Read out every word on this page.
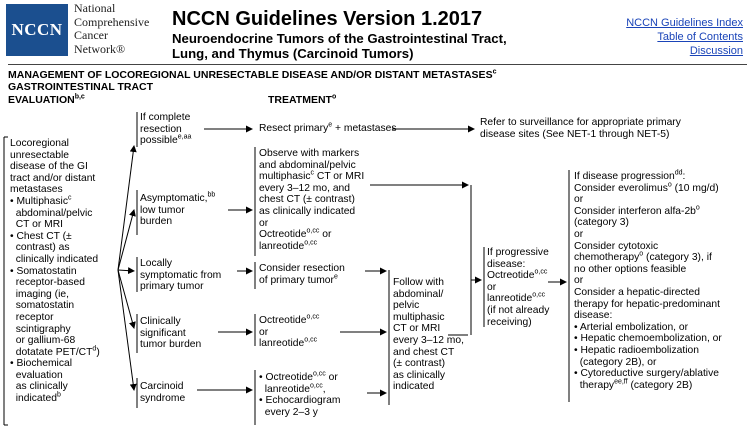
NCCN
National
Comprehensive
Cancer
Network®
NCCN Guidelines Version 1.2017
Neuroendocrine Tumors of the Gastrointestinal Tract,
Lung, and Thymus (Carcinoid Tumors)
NCCN Guidelines Index
Table of Contents
Discussion
MANAGEMENT OF LOCOREGIONAL UNRESECTABLE DISEASE AND/OR DISTANT METASTASES$^c$
GASTROINTESTINAL TRACT
EVALUATION$^{b,c}$	TREATMENT$^o$
Locoregional
unresectable
disease of the GI
tract and/or distant
metastases
• Multiphasic$^c$
abdominal/pelvic
CT or MRI
• Chest CT (±
contrast) as
clinically indicated
• Somatostatin
receptor-based
imaging (ie,
somatostatin
receptor
scintigraphy
or gallium-68
dotatate PET/$CT^d$)
• Biochemical
evaluation
as clinically
indicated$^b$
If complete
resection
possible$^{e,aa}$
Asymptomatic,$^{bb}$
low tumor
burden
Locally
symptomatic from
primary tumor
Clinically
significant
tumor burden
Carcinoid
syndrome
Resect primary$^e$ + metastases
Refer to surveillance for appropriate primary
disease sites (See NET-1 through NET-5)
Observe with markers
and abdominal/pelvic
multiphasic$^c$ CT or MRI
every 3–12 mo, and
chest CT (± contrast)
as clinically indicated
or
Octreotide$^{o,cc}$ or
lanreotide$^{o,cc}$
Consider resection
of primary tumor$^e$
Octreotide$^{o,cc}$
or
lanreotide$^{o,cc}$
• Octreotide$^{o,cc}$ or
lanreotide$^{o,cc}$,
• Echocardiogram
every 2–3 y
Follow with
abdominal/
pelvic
multiphasic
CT or MRI
every 3–12 mo,
and chest CT
(± contrast)
as clinically
indicated
If progressive
disease:
Octreotide$^{o,cc}$
or
lanreotide$^{o,cc}$
(if not already
receiving)
If disease progression$^{dd}$:
Consider everolimus$^o$ (10 mg/d)
or
Consider interferon alfa-$2b^o$
(category 3)
or
Consider cytotoxic
chemotherapy$^o$ (category 3), if
no other options feasible
or
Consider a hepatic-directed
therapy for hepatic-predominant
disease:
• Arterial embolization, or
• Hepatic chemoembolization, or
• Hepatic radioembolization
(category 2B), or
• Cytoreductive surgery/ablative
therapy$^{ee,ff}$ (category 2B)
